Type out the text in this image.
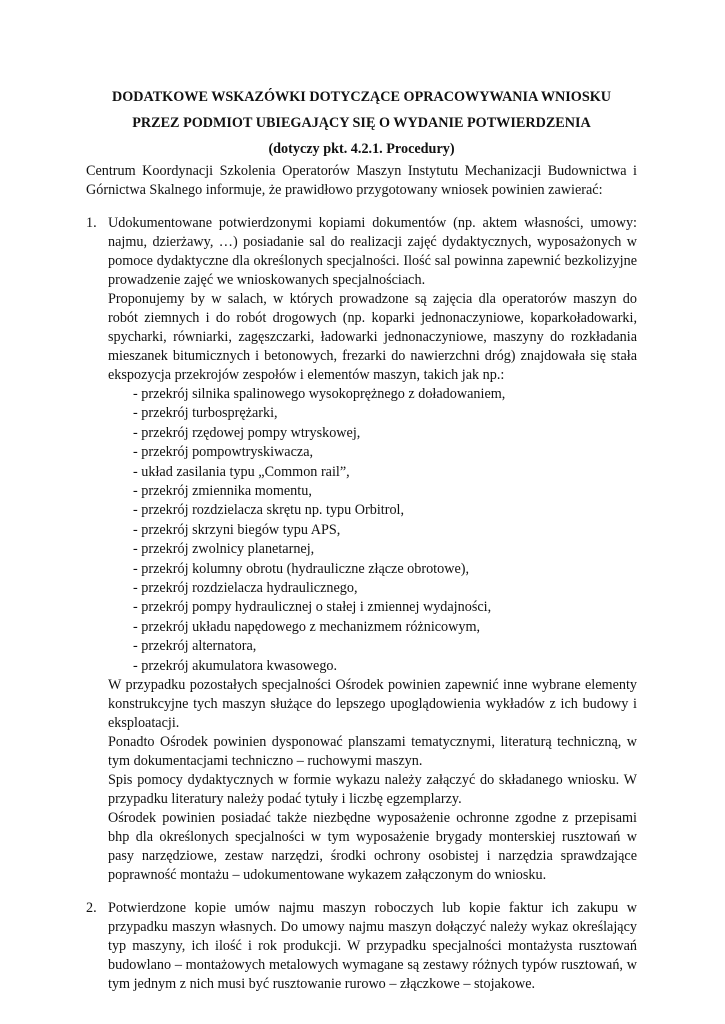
DODATKOWE WSKAZÓWKI DOTYCZĄCE OPRACOWYWANIA WNIOSKU
PRZEZ PODMIOT UBIEGAJĄCY SIĘ O WYDANIE POTWIERDZENIA
(dotyczy pkt. 4.2.1. Procedury)

Centrum Koordynacji Szkolenia Operatorów Maszyn Instytutu Mechanizacji Budownictwa i Górnictwa Skalnego informuje, że prawidłowo przygotowany wniosek powinien zawierać:

1. Udokumentowane potwierdzonymi kopiami dokumentów (np. aktem własności, umowy: najmu, dzierżawy, …) posiadanie sal do realizacji zajęć dydaktycznych, wyposażonych w pomoce dydaktyczne dla określonych specjalności. Ilość sal powinna zapewnić bezkolizyjne prowadzenie zajęć we wnioskowanych specjalnościach.

Proponujemy by w salach, w których prowadzone są zajęcia dla operatorów maszyn do robót ziemnych i do robót drogowych (np. koparki jednonaczyniowe, koparkoładowarki, spycharki, równiarki, zagęszczarki, ładowarki jednonaczyniowe, maszyny do rozkładania mieszanek bitumicznych i betonowych, frezarki do nawierzchni dróg) znajdowała się stała ekspozycja przekrojów zespołów i elementów maszyn, takich jak np.:

- przekrój silnika spalinowego wysokoprężnego z doładowaniem,
- przekrój turbosprężarki,
- przekrój rzędowej pompy wtryskowej,
- przekrój pompowtryskiwacza,
- układ zasilania typu „Common rail”,
- przekrój zmiennika momentu,
- przekrój rozdzielacza skrętu np. typu Orbitrol,
- przekrój skrzyni biegów typu APS,
- przekrój zwolnicy planetarnej,
- przekrój kolumny obrotu (hydrauliczne złącze obrotowe),
- przekrój rozdzielacza hydraulicznego,
- przekrój pompy hydraulicznej o stałej i zmiennej wydajności,
- przekrój układu napędowego z mechanizmem różnicowym,
- przekrój alternatora,
- przekrój akumulatora kwasowego.

W przypadku pozostałych specjalności Ośrodek powinien zapewnić inne wybrane elementy konstrukcyjne tych maszyn służące do lepszego upoglądowienia wykładów z ich budowy i eksploatacji.

Ponadto Ośrodek powinien dysponować planszami tematycznymi, literaturą techniczną, w tym dokumentacjami techniczno – ruchowymi maszyn.

Spis pomocy dydaktycznych w formie wykazu należy załączyć do składanego wniosku. W przypadku literatury należy podać tytuły i liczbę egzemplarzy.

Ośrodek powinien posiadać także niezbędne wyposażenie ochronne zgodne z przepisami bhp dla określonych specjalności w tym wyposażenie brygady monterskiej rusztowań w pasy narzędziowe, zestaw narzędzi, środki ochrony osobistej i narzędzia sprawdzające poprawność montażu – udokumentowane wykazem załączonym do wniosku.

2. Potwierdzone kopie umów najmu maszyn roboczych lub kopie faktur ich zakupu w przypadku maszyn własnych. Do umowy najmu maszyn dołączyć należy wykaz określający typ maszyny, ich ilość i rok produkcji. W przypadku specjalności montażysta rusztowań budowlano – montażowych metalowych wymagane są zestawy różnych typów rusztowań, w tym jednym z nich musi być rusztowanie rurowo – złączkowe – stojakowe.
